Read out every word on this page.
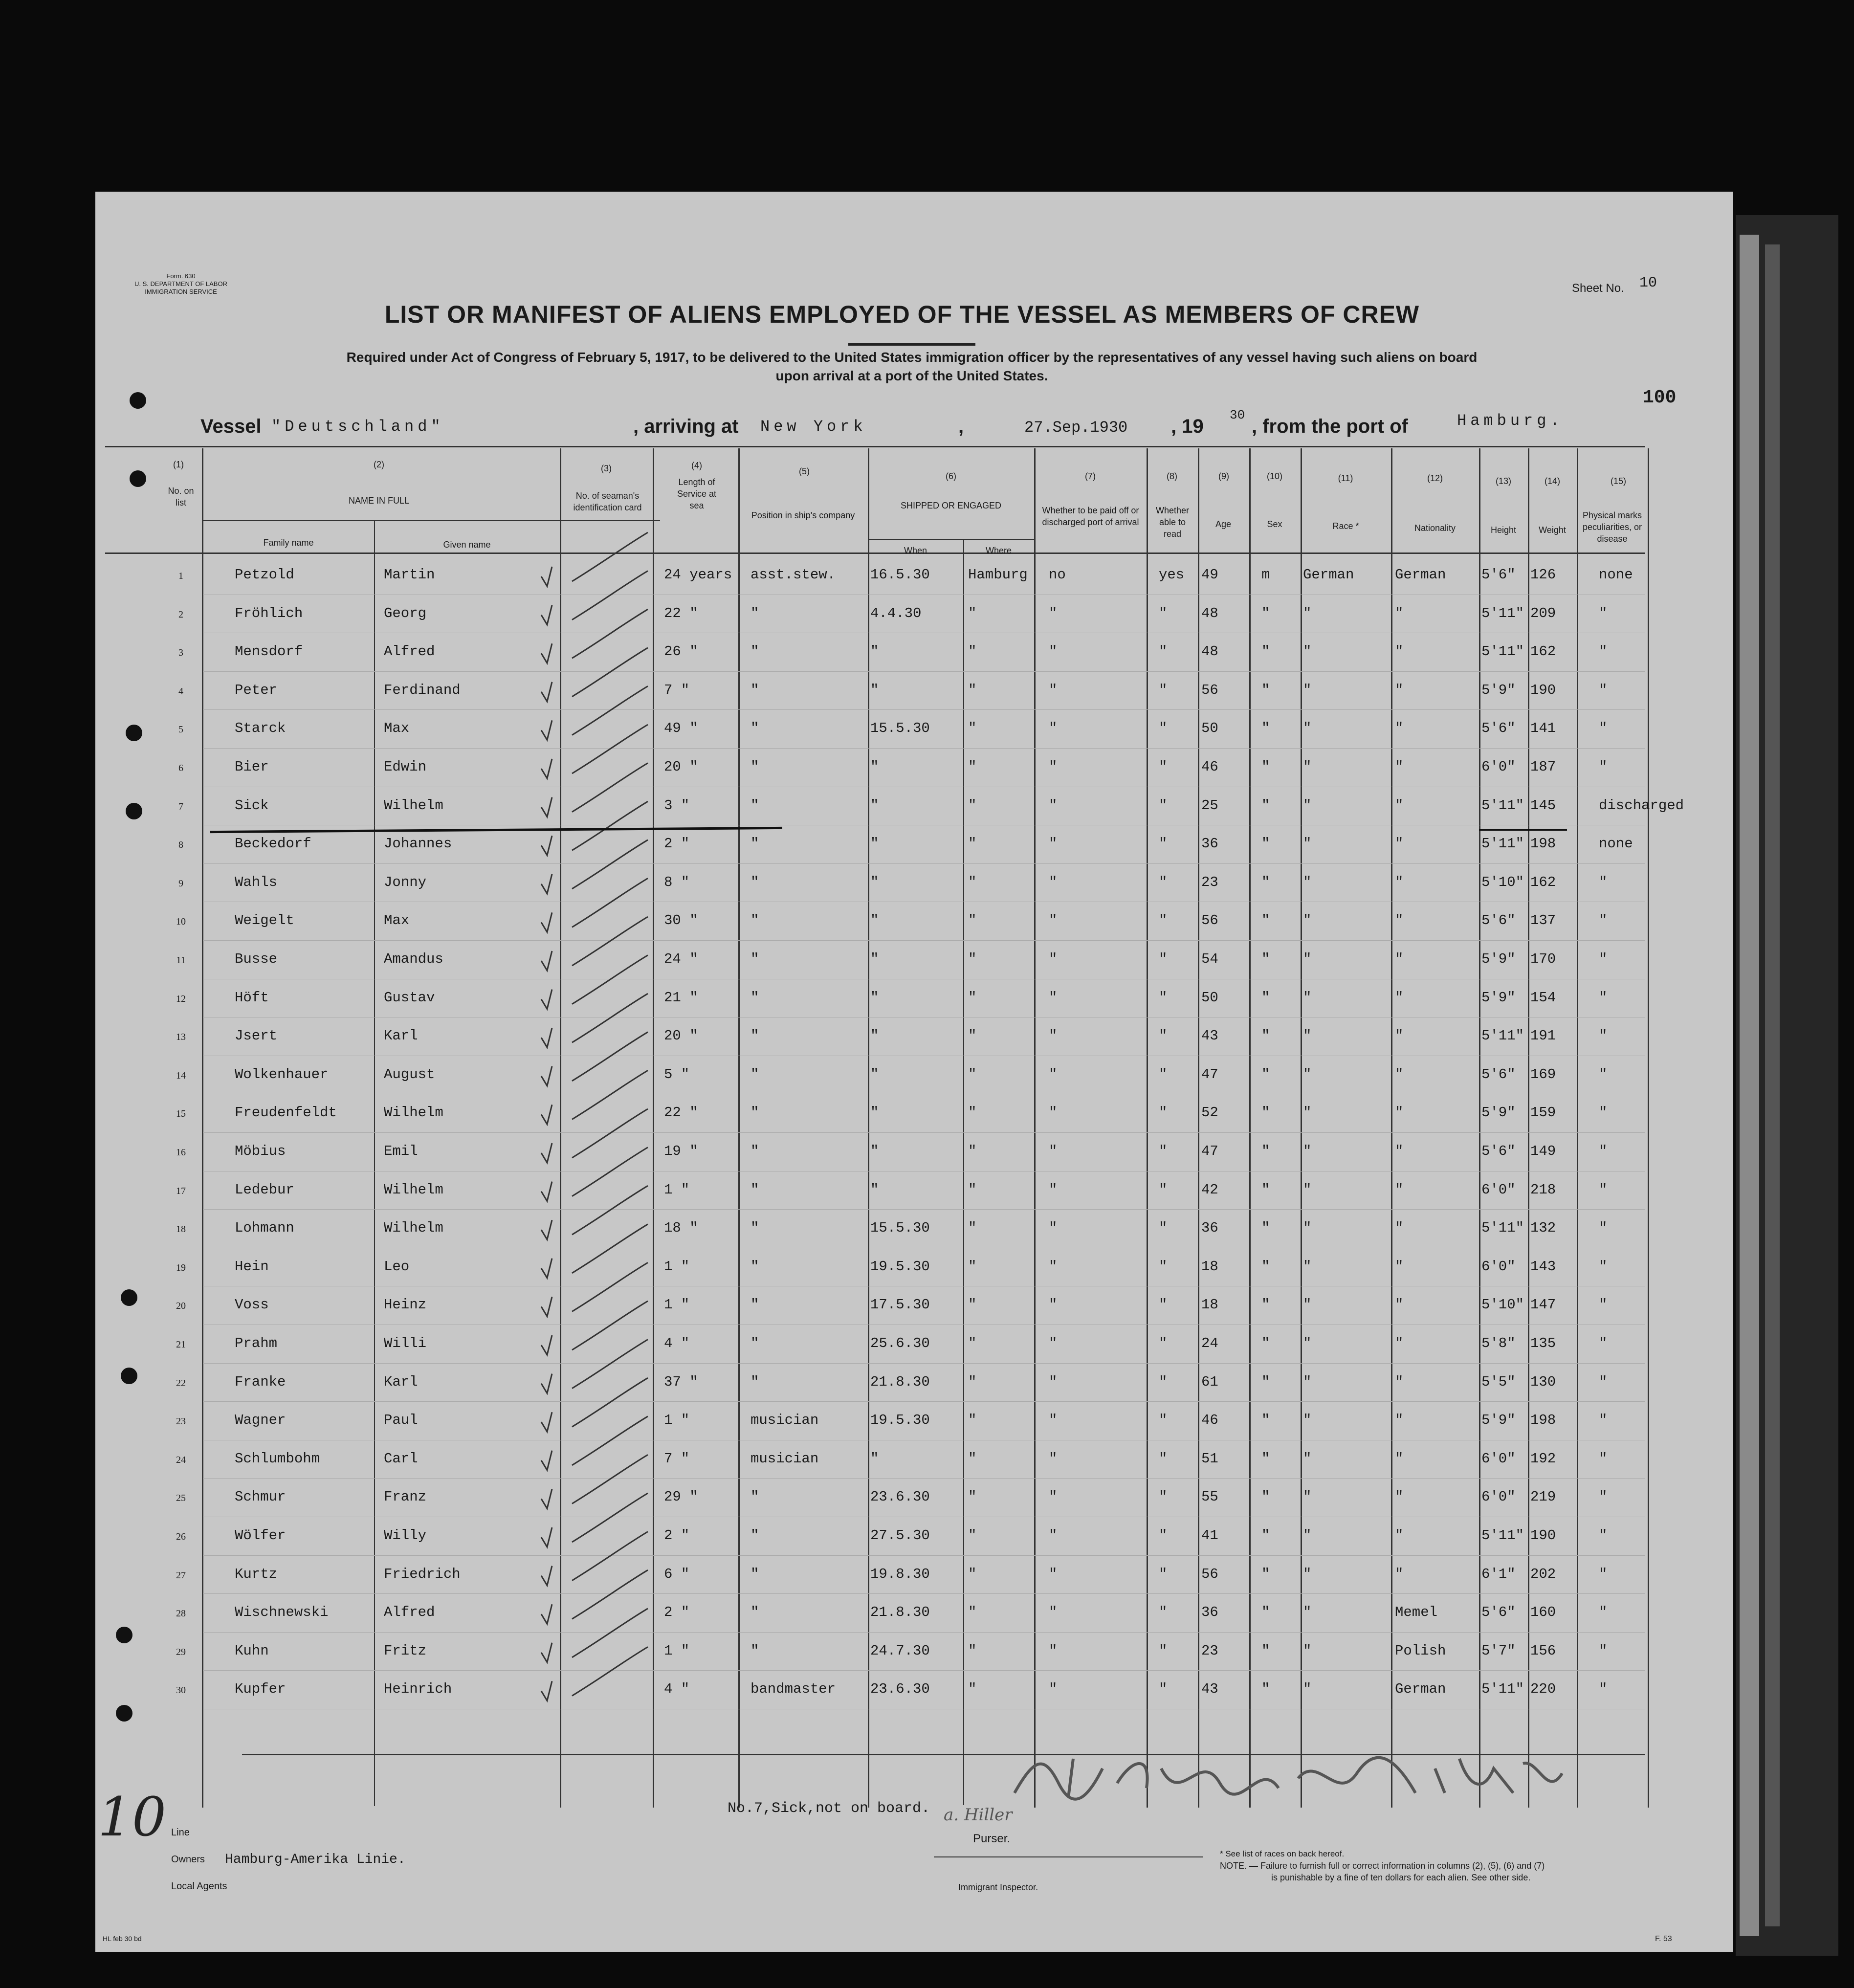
Form. 630
U. S. DEPARTMENT OF LABOR
IMMIGRATION SERVICE	Sheet No. 10
LIST OR MANIFEST OF ALIENS EMPLOYED OF THE VESSEL AS MEMBERS OF CREW
Required under Act of Congress of February 5, 1917, to be delivered to the United States immigration officer by the representatives of any vessel having such aliens on board
upon arrival at a port of the United States.
100
Vessel "Deutschland"	, arriving at New York	,	27.Sep.1930 , 19
30
, from the port of	Hamburg.
(1)
No. on list
(2)
NAME IN FULL
Family name	Given name
(3)
No. of seaman's identification card
(4)
Length of Service at sea
(5)
Position in ship's company
(6)
SHIPPED OR ENGAGED
When	Where
(7)
Whether to be paid off or discharged port of arrival
(8)
Whether able to read
(9)
Age
(10)
Sex
(11)
Race *
(12)
Nationality
(13)
Height
(14)
Weight
(15)
Physical marks peculiarities, or disease
1	Petzold	Martin	24 years asst.stew. 16.5.30	Hamburg no	yes 49	m German	German	5'6" 126	none
2	Fröhlich	Georg	22 "	"	4.4.30	"	"	" 48	" "	"	5'11" 209	"
3	Mensdorf	Alfred	26 "	"	"	"	"	" 48	" "	"	5'11" 162	"
4	Peter	Ferdinand	7 "	"	"	"	"	" 56	" "	"	5'9" 190	"
5	Starck	Max	49 "	"	15.5.30	"	"	" 50	" "	"	5'6" 141	"
6	Bier	Edwin	20 "	"	"	"	"	" 46	" "	"	6'0" 187	"
7	Sick	Wilhelm	3 "	"	"	"	"	" 25	" "	"	5'11" 145	discharged
8	Beckedorf	Johannes	2 "	"	"	"	"	" 36	" "	"	5'11" 198	none
9	Wahls	Jonny	8 "	"	"	"	"	" 23	" "	"	5'10" 162	"
10	Weigelt	Max	30 "	"	"	"	"	" 56	" "	"	5'6" 137	"
11	Busse	Amandus	24 "	"	"	"	"	" 54	" "	"	5'9" 170	"
12	Höft	Gustav	21 "	"	"	"	"	" 50	" "	"	5'9" 154	"
13	Jsert	Karl	20 "	"	"	"	"	" 43	" "	"	5'11" 191	"
14	Wolkenhauer	August	5 "	"	"	"	"	" 47	" "	"	5'6" 169	"
15	Freudenfeldt	Wilhelm	22 "	"	"	"	"	" 52	" "	"	5'9" 159	"
16	Möbius	Emil	19 "	"	"	"	"	" 47	" "	"	5'6" 149	"
17	Ledebur	Wilhelm	1 "	"	"	"	"	" 42	" "	"	6'0" 218	"
18	Lohmann	Wilhelm	18 "	"	15.5.30	"	"	" 36	" "	"	5'11" 132	"
19	Hein	Leo	1 "	"	19.5.30	"	"	" 18	" "	"	6'0" 143	"
20	Voss	Heinz	1 "	"	17.5.30	"	"	" 18	" "	"	5'10" 147	"
21	Prahm	Willi	4 "	"	25.6.30	"	"	" 24	" "	"	5'8" 135	"
22	Franke	Karl	37 "	"	21.8.30	"	"	" 61	" "	"	5'5" 130	"
23	Wagner	Paul	1 "	musician	19.5.30	"	"	" 46	" "	"	5'9" 198	"
24	Schlumbohm	Carl	7 "	musician	"	"	"	" 51	" "	"	6'0" 192	"
25	Schmur	Franz	29 "	"	23.6.30	"	"	" 55	" "	"	6'0" 219	"
26	Wölfer	Willy	2 "	"	27.5.30	"	"	" 41	" "	"	5'11" 190	"
27	Kurtz	Friedrich	6 "	"	19.8.30	"	"	" 56	" "	"	6'1" 202	"
28	Wischnewski	Alfred	2 "	"	21.8.30	"	"	" 36	" "	Memel	5'6" 160	"
29	Kuhn	Fritz	1 "	"	24.7.30	"	"	" 23	" "	Polish	5'7" 156	"
30	Kupfer	Heinrich	4 "	bandmaster 23.6.30	"	"	" 43	" "	German	5'11" 220	"
10	No.7,Sick,not on board. a. Hiller
Purser.
Line
Owners Hamburg-Amerika Linie.
Local Agents	Immigrant Inspector.
* See list of races on back hereof.
NOTE. — Failure to furnish full or correct information in columns (2), (5), (6) and (7)
is punishable by a fine of ten dollars for each alien. See other side.
HL feb 30 bd	F. 53
